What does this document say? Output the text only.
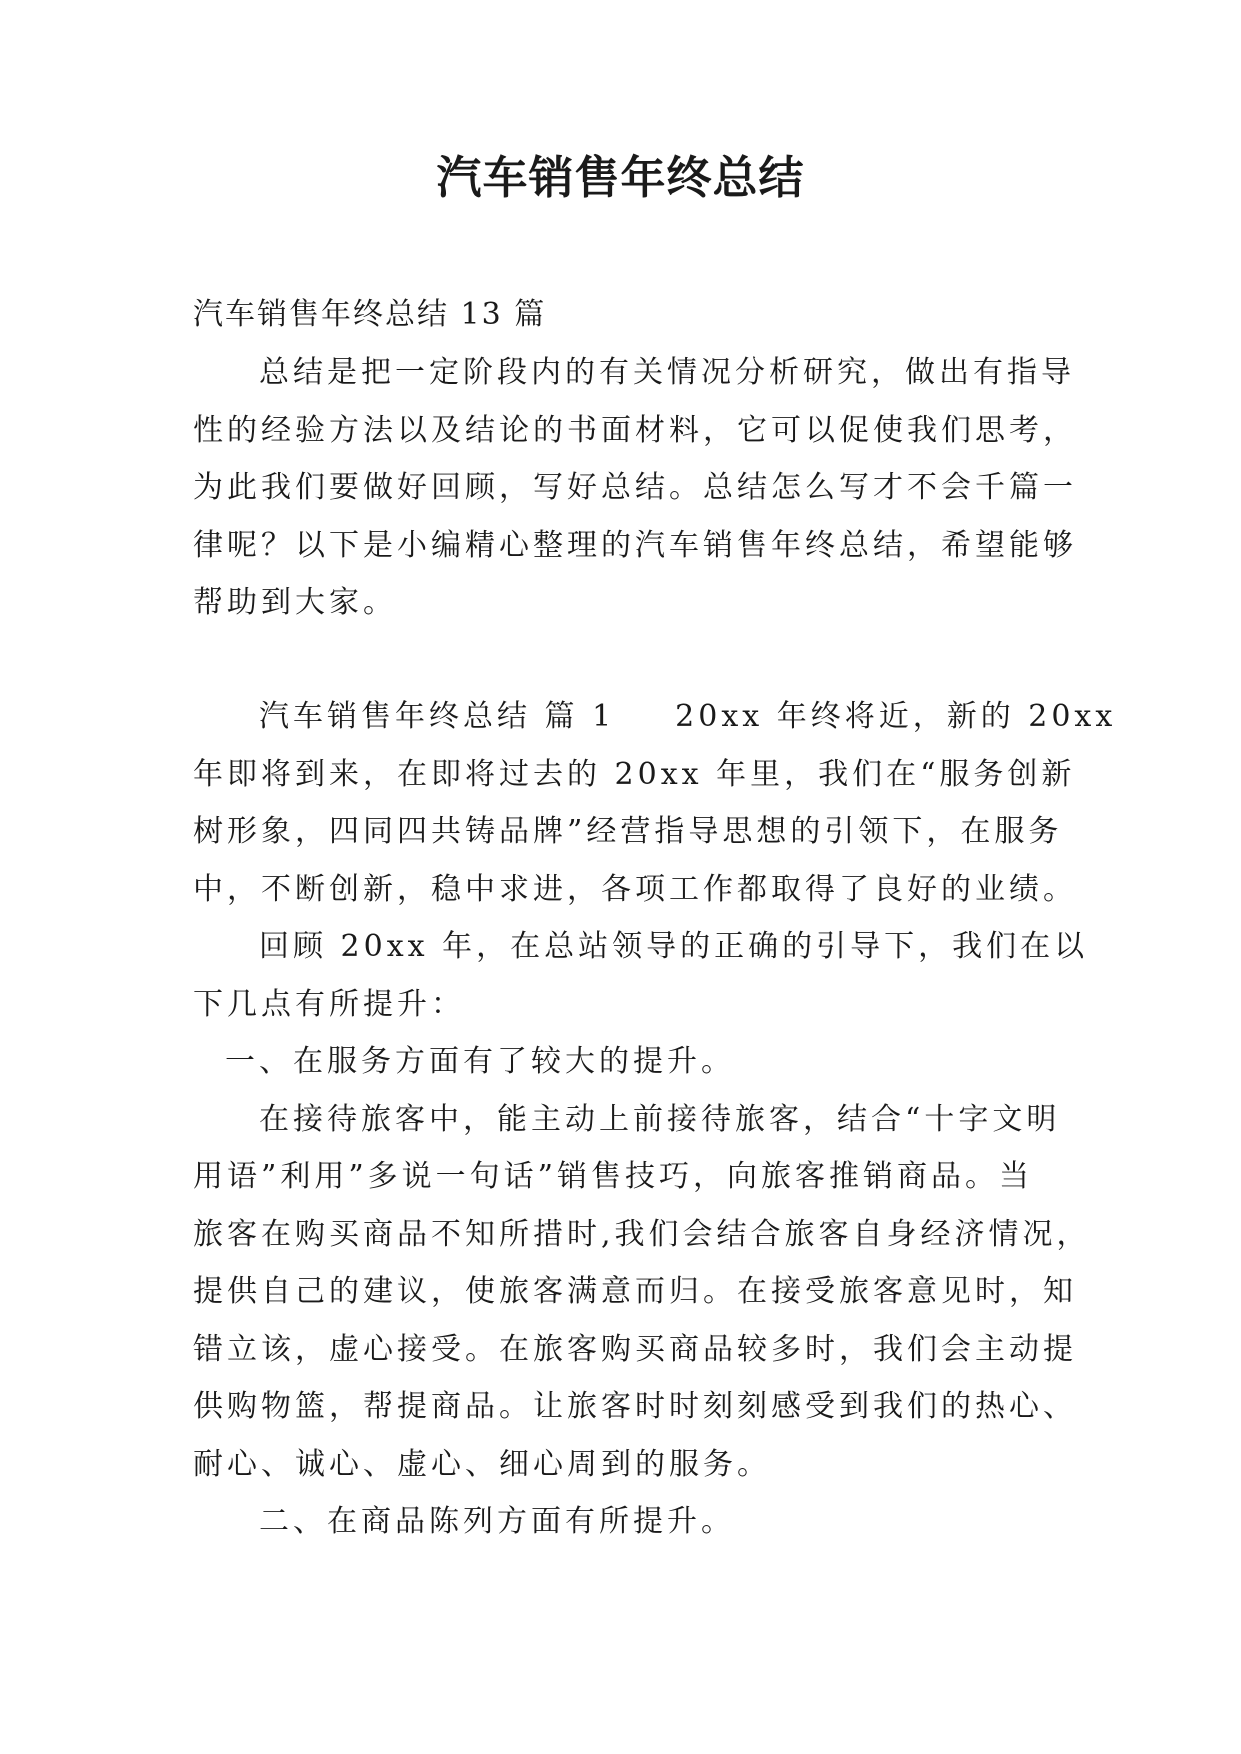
汽车销售年终总结
汽车销售年终总结 13 篇
总结是把一定阶段内的有关情况分析研究，做出有指导
性的经验方法以及结论的书面材料，它可以促使我们思考，
为此我们要做好回顾，写好总结。总结怎么写才不会千篇一
律呢？以下是小编精心整理的汽车销售年终总结，希望能够
帮助到大家。
汽车销售年终总结 篇 1 20xx 年终将近，新的 20xx
年即将到来，在即将过去的 20xx 年里，我们在“服务创新
树形象，四同四共铸品牌”经营指导思想的引领下，在服务
中，不断创新，稳中求进，各项工作都取得了良好的业绩。
回顾 20xx 年，在总站领导的正确的引导下，我们在以
下几点有所提升：
一、在服务方面有了较大的提升。
在接待旅客中，能主动上前接待旅客，结合“十字文明
用语”利用”多说一句话”销售技巧，向旅客推销商品。当
旅客在购买商品不知所措时,我们会结合旅客自身经济情况，
提供自己的建议，使旅客满意而归。在接受旅客意见时，知
错立该，虚心接受。在旅客购买商品较多时，我们会主动提
供购物篮，帮提商品。让旅客时时刻刻感受到我们的热心、
耐心、诚心、虚心、细心周到的服务。
二、在商品陈列方面有所提升。
